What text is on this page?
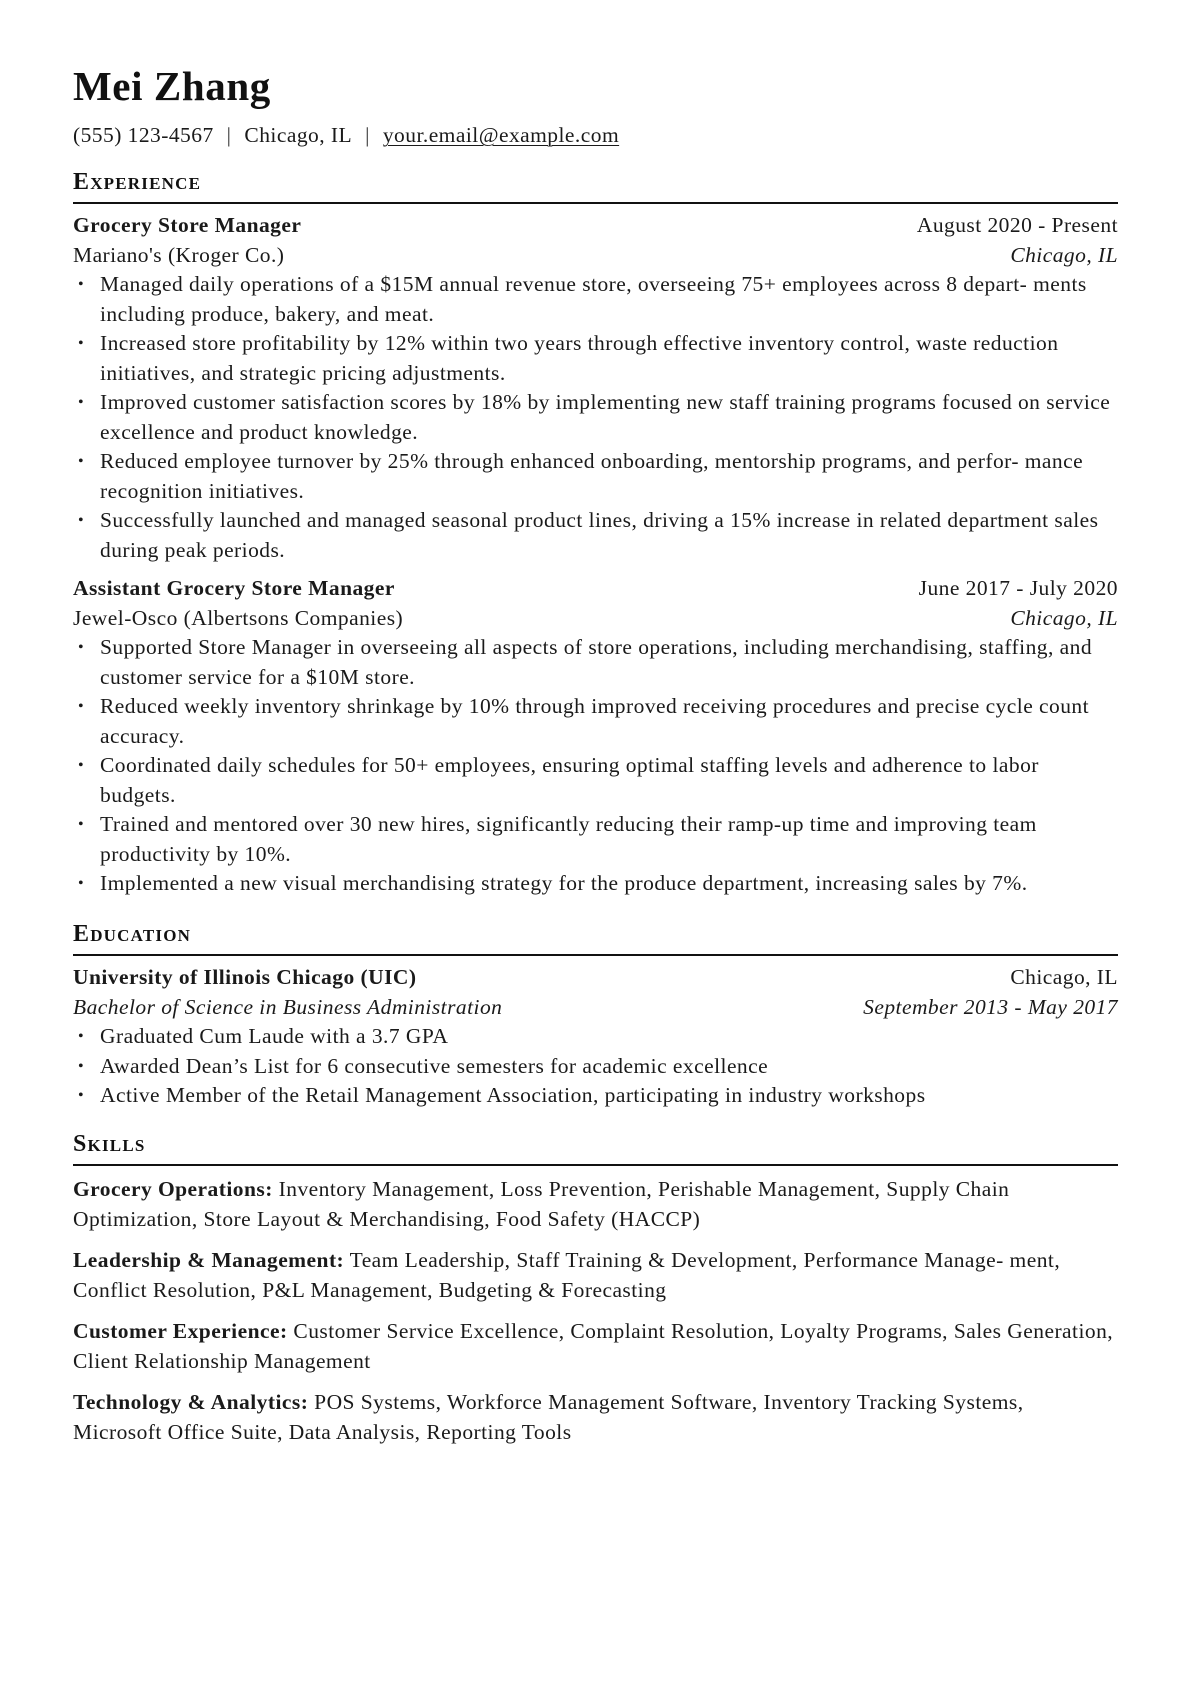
Mei Zhang
(555) 123-4567 | Chicago, IL | your.email@example.com
Experience
Grocery Store Manager	August 2020 - Present
Mariano's (Kroger Co.)	Chicago, IL
• Managed daily operations of a $15M annual revenue store, overseeing 75+ employees across 8 depart- ments including produce, bakery, and meat.
• Increased store profitability by 12% within two years through effective inventory control, waste reduction initiatives, and strategic pricing adjustments.
• Improved customer satisfaction scores by 18% by implementing new staff training programs focused on service excellence and product knowledge.
• Reduced employee turnover by 25% through enhanced onboarding, mentorship programs, and perfor- mance recognition initiatives.
• Successfully launched and managed seasonal product lines, driving a 15% increase in related department sales during peak periods.
Assistant Grocery Store Manager	June 2017 - July 2020
Jewel-Osco (Albertsons Companies)	Chicago, IL
• Supported Store Manager in overseeing all aspects of store operations, including merchandising, staffing, and customer service for a $10M store.
• Reduced weekly inventory shrinkage by 10% through improved receiving procedures and precise cycle count accuracy.
• Coordinated daily schedules for 50+ employees, ensuring optimal staffing levels and adherence to labor budgets.
• Trained and mentored over 30 new hires, significantly reducing their ramp-up time and improving team productivity by 10%.
• Implemented a new visual merchandising strategy for the produce department, increasing sales by 7%.
Education
University of Illinois Chicago (UIC)	Chicago, IL
Bachelor of Science in Business Administration	September 2013 - May 2017
• Graduated Cum Laude with a 3.7 GPA
• Awarded Dean’s List for 6 consecutive semesters for academic excellence
• Active Member of the Retail Management Association, participating in industry workshops
Skills
Grocery Operations: Inventory Management, Loss Prevention, Perishable Management, Supply Chain Optimization, Store Layout & Merchandising, Food Safety (HACCP)
Leadership & Management: Team Leadership, Staff Training & Development, Performance Manage- ment, Conflict Resolution, P&L Management, Budgeting & Forecasting
Customer Experience: Customer Service Excellence, Complaint Resolution, Loyalty Programs, Sales Generation, Client Relationship Management
Technology & Analytics: POS Systems, Workforce Management Software, Inventory Tracking Systems, Microsoft Office Suite, Data Analysis, Reporting Tools
